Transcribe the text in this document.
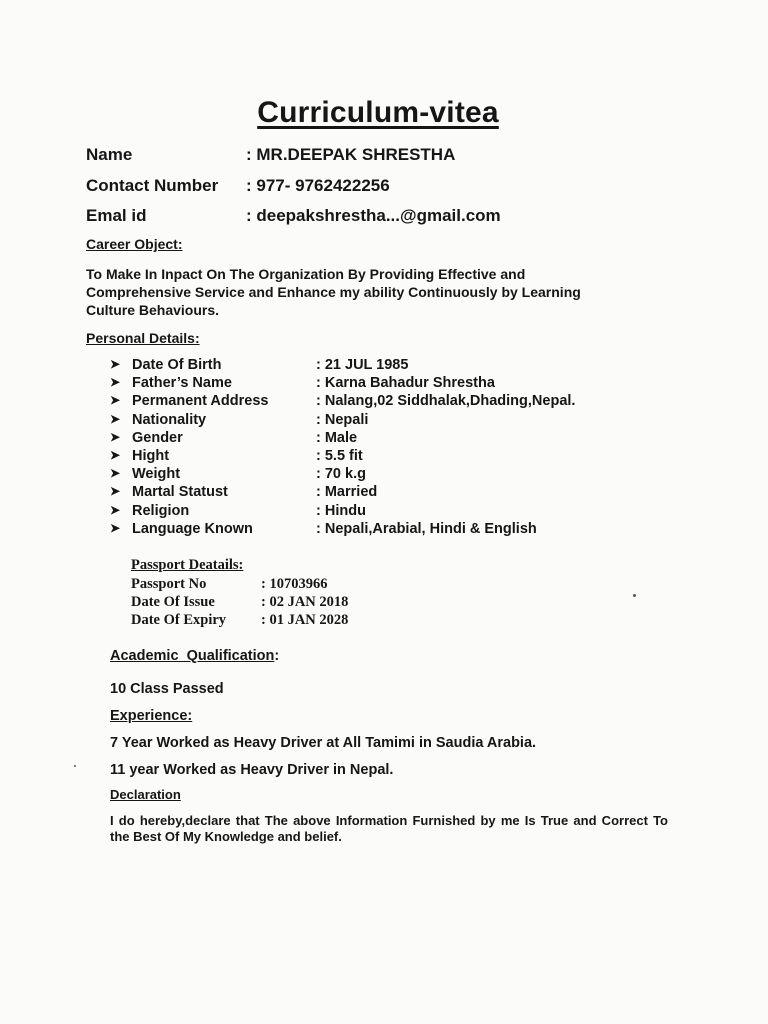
Curriculum-vitea
Name	: MR.DEEPAK SHRESTHA
Contact Number : 977- 9762422256
Emal id	: deepakshrestha...@gmail.com
Career Object:
To Make In Inpact On The Organization By Providing Effective and
Comprehensive Service and Enhance my ability Continuously by Learning
Culture Behaviours.
Personal Details:
➤ Date Of Birth	: 21 JUL 1985
➤ Father’s Name	: Karna Bahadur Shrestha
➤ Permanent Address	: Nalang,02 Siddhalak,Dhading,Nepal.
➤ Nationality	: Nepali
➤ Gender	: Male
➤ Hight	: 5.5 fit
➤ Weight	: 70 k.g
➤ Martal Statust	: Married
➤ Religion	: Hindu
➤ Language Known	: Nepali,Arabial, Hindi & English
Passport Deatails:
Passport No	: 10703966
Date Of Issue	: 02 JAN 2018
Date Of Expiry : 01 JAN 2028
Academic  Qualification:
10 Class Passed
Experience:
7 Year Worked as Heavy Driver at All Tamimi in Saudia Arabia.
11 year Worked as Heavy Driver in Nepal.
Declaration
I do hereby,declare that The above Information Furnished by me Is True and Correct To the Best Of My Knowledge and belief.
